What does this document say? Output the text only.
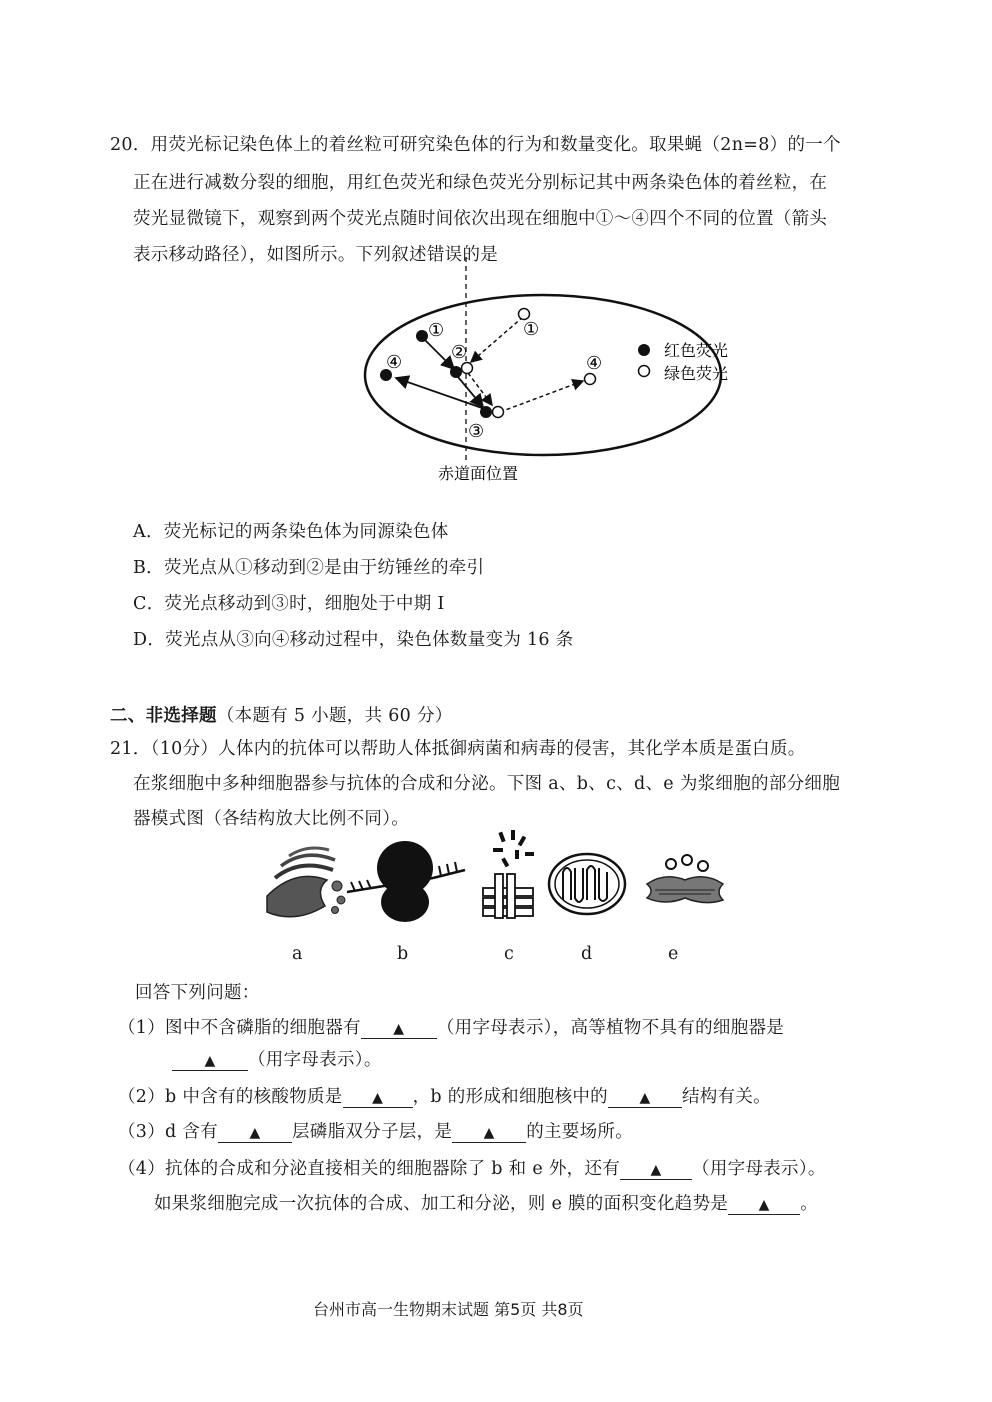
20．用荧光标记染色体上的着丝粒可研究染色体的行为和数量变化。取果蝇（2n=8）的一个
正在进行减数分裂的细胞，用红色荧光和绿色荧光分别标记其中两条染色体的着丝粒，在
荧光显微镜下，观察到两个荧光点随时间依次出现在细胞中①～④四个不同的位置（箭头
表示移动路径），如图所示。下列叙述错误的是
①	①
②
③
④	④
红色荧光
绿色荧光
赤道面位置
A．荧光标记的两条染色体为同源染色体
B．荧光点从①移动到②是由于纺锤丝的牵引
C．荧光点移动到③时，细胞处于中期 I
D．荧光点从③向④移动过程中，染色体数量变为 16 条
二、非选择题（本题有 5 小题，共 60 分）
21．（10分）人体内的抗体可以帮助人体抵御病菌和病毒的侵害，其化学本质是蛋白质。
在浆细胞中多种细胞器参与抗体的合成和分泌。下图 a、b、c、d、e 为浆细胞的部分细胞
器模式图（各结构放大比例不同）。
a	b	c	d	e
回答下列问题：
（1）图中不含磷脂的细胞器有 ▲ （用字母表示），高等植物不具有的细胞器是
▲ （用字母表示）。
（2）b 中含有的核酸物质是 ▲ ，b 的形成和细胞核中的 ▲ 结构有关。
（3）d 含有 ▲ 层磷脂双分子层，是 ▲ 的主要场所。
（4）抗体的合成和分泌直接相关的细胞器除了 b 和 e 外，还有 ▲ （用字母表示）。
如果浆细胞完成一次抗体的合成、加工和分泌，则 e 膜的面积变化趋势是 ▲ 。
台州市高一生物期末试题 第5页 共8页
